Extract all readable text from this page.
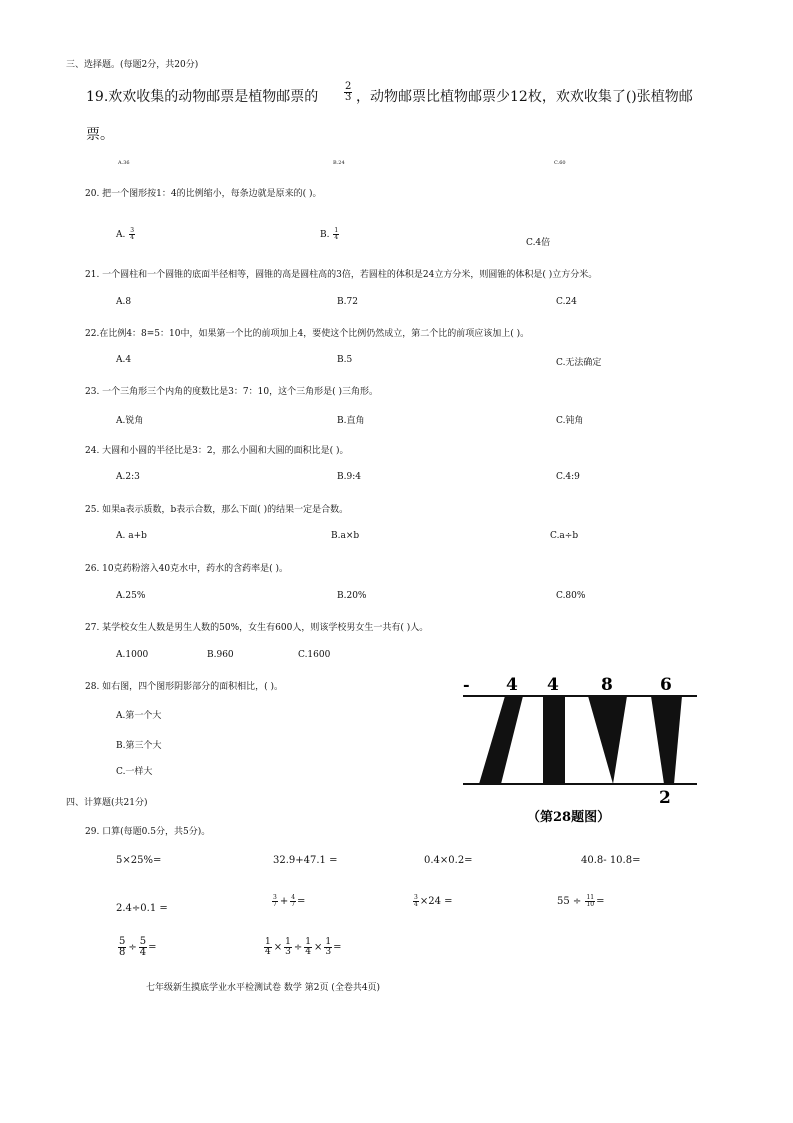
三、选择题。(每题2分，共20分)
19.欢欢收集的动物邮票是植物邮票的	$\frac{2}{3}$ ，动物邮票比植物邮票少12枚，欢欢收集了()张植物邮
票。
A.36	B.24	C.60
20. 把一个图形按1：4的比例缩小，每条边就是原来的( )。
A. $\frac{3}{4}$	B. $\frac{1}{4}$
C.4倍
21. 一个圆柱和一个圆锥的底面半径相等，圆锥的高是圆柱高的3倍，若圆柱的体积是24立方分米，则圆锥的体积是( )立方分米。
A.8	B.72	C.24
22.在比例4：8=5：10中，如果第一个比的前项加上4，要使这个比例仍然成立，第二个比的前项应该加上( )。
A.4	B.5	C.无法确定
23. 一个三角形三个内角的度数比是3：7：10，这个三角形是( )三角形。
A.锐角	B.直角	C.钝角
24. 大圆和小圆的半径比是3：2，那么小圆和大圆的面积比是( )。
A.2:3	B.9:4	C.4:9
25. 如果a表示质数，b表示合数，那么下面( )的结果一定是合数。
A. a+b	B.a×b	C.a÷b
26. 10克药粉溶入40克水中，药水的含药率是( )。
A.25%	B.20%	C.80%
27. 某学校女生人数是男生人数的50%，女生有600人，则该学校男女生一共有( )人。
A.1000	B.960	C.1600
28. 如右图，四个图形阴影部分的面积相比，( )。
A.第一个大
B.第三个大
C.一样大
- 4 4 8	6
2
（第28题图）
四、计算题(共21分)
29. 口算(每题0.5分，共5分)。
5×25%=	32.9+47.1 =	0.4×0.2=	40.8- 10.8=
2.4÷0.1 =
$\frac{3}{7} + \frac{4}{7}$ =	$\frac{3}{4} \times 24$ =	$55 \div \frac{11}{10}$ =
$\frac{5}{8} \div \frac{5}{4}$ =	$\frac{1}{4} \times \frac{1}{3} \div \frac{1}{4} \times \frac{1}{3}$ =
七年级新生摸底学业水平检测试卷 数学 第2页 (全卷共4页)
